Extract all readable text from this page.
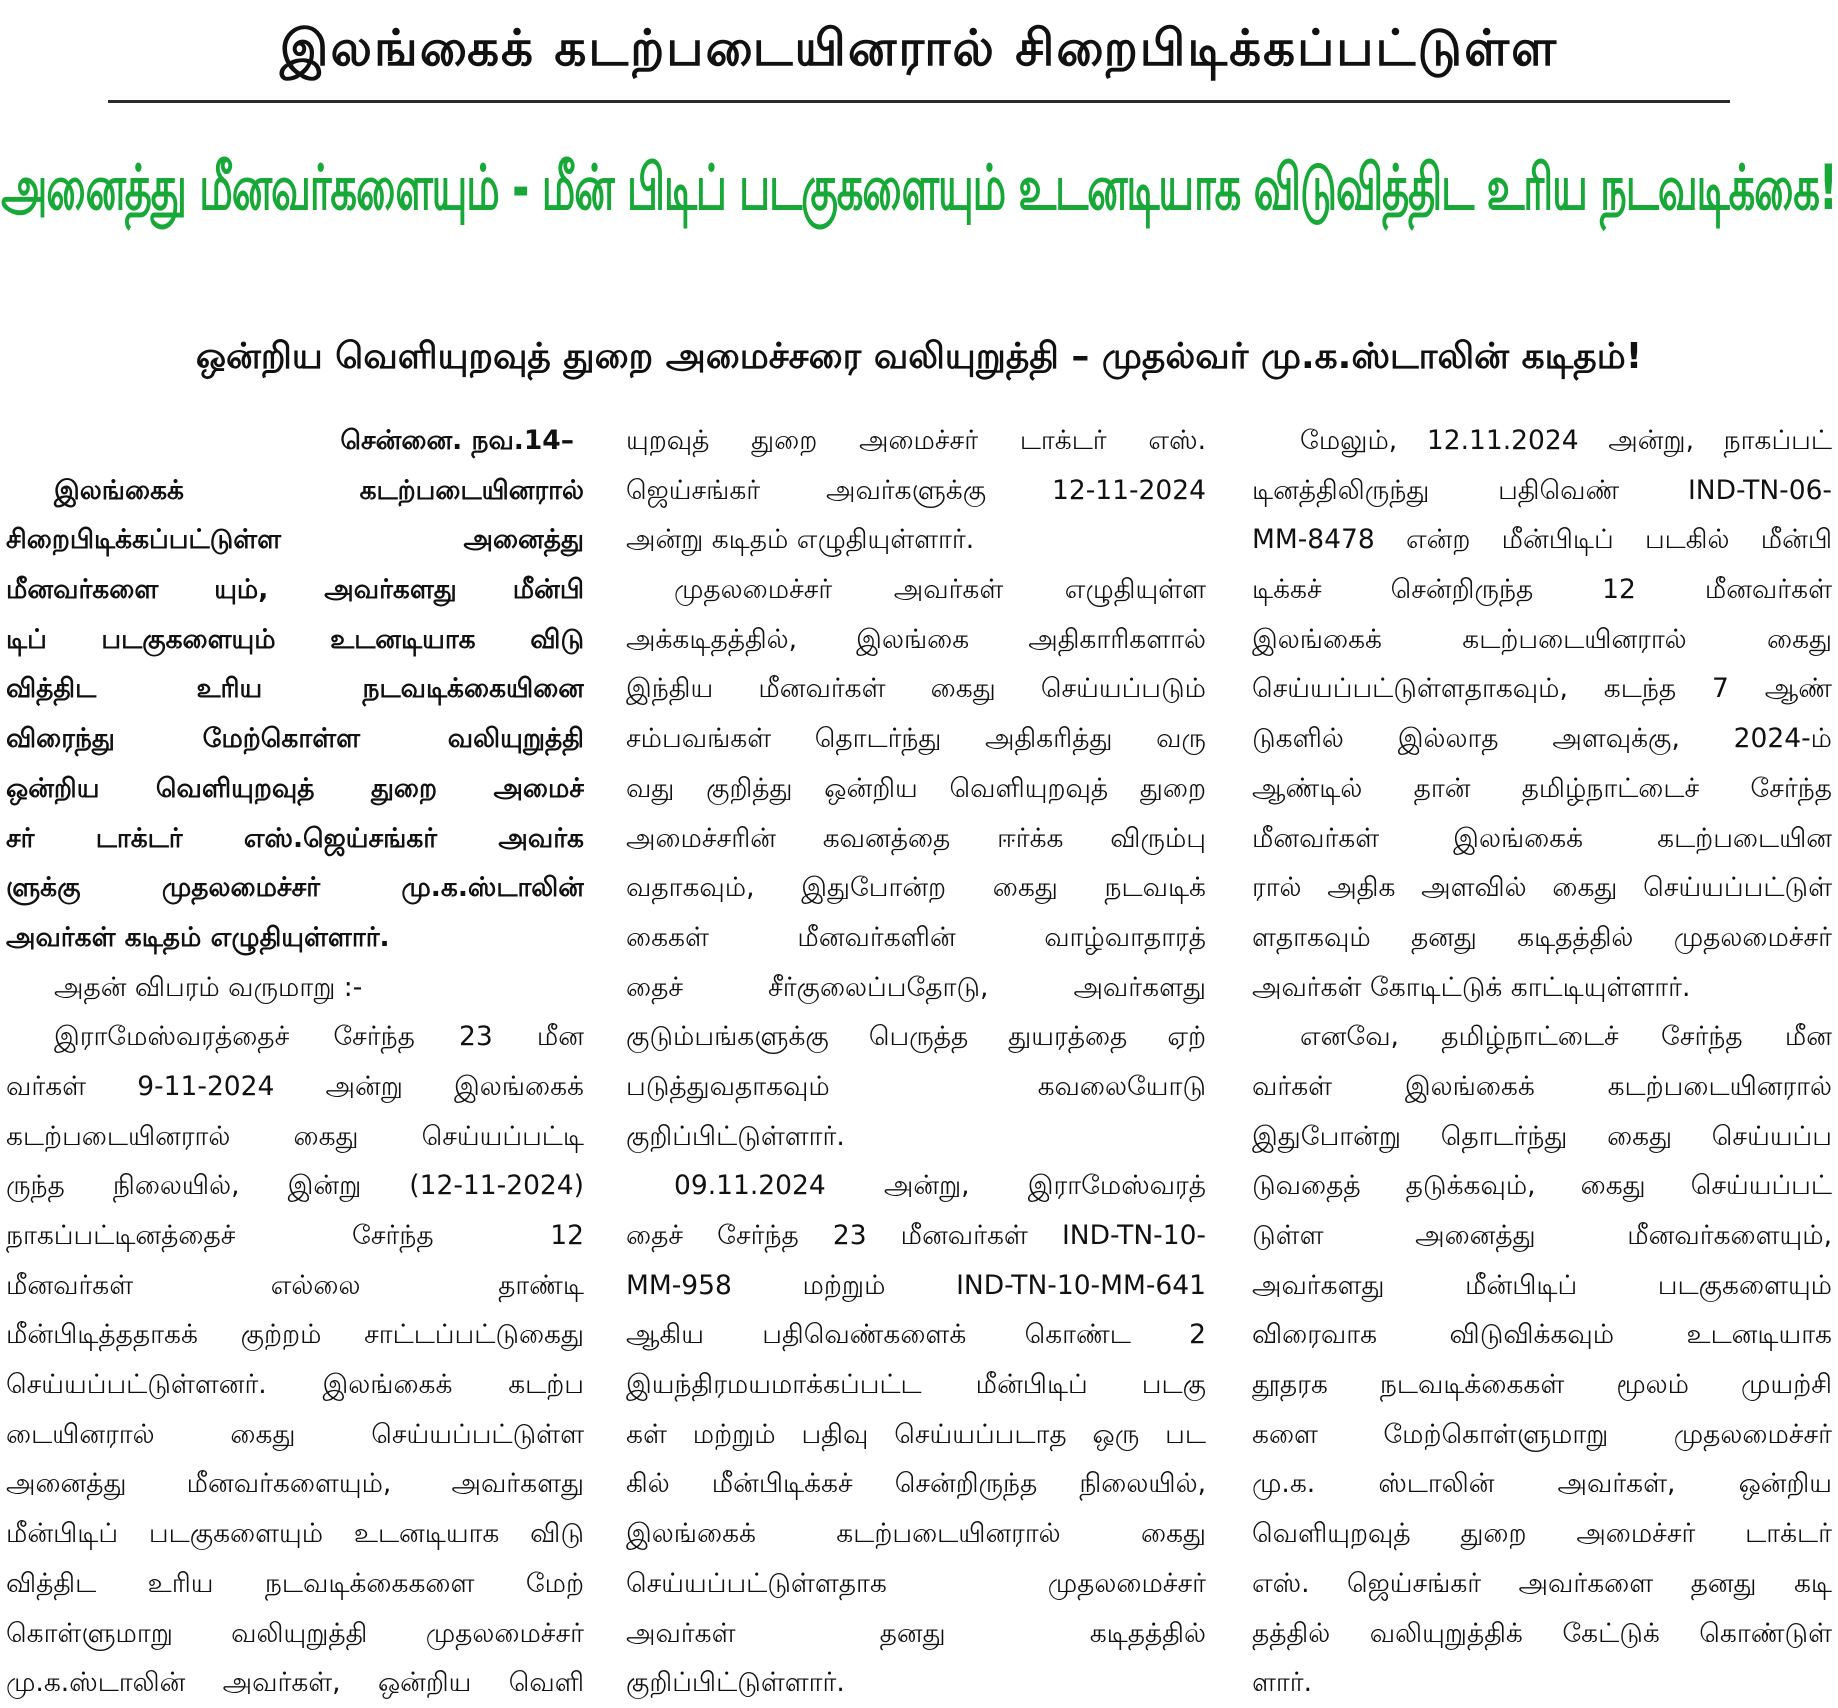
இலங்கைக் கடற்படையினரால் சிறைபிடிக்கப்பட்டுள்ள
அனைத்து மீனவர்களையும் - மீன் பிடிப் படகுகளையும் உடனடியாக விடுவித்திட உரிய நடவடிக்கை!
ஒன்றிய வெளியுறவுத் துறை அமைச்சரை வலியுறுத்தி – முதல்வர் மு.க.ஸ்டாலின் கடிதம்!
சென்னை. நவ.14–
இலங்கைக் கடற்படையினரால்
சிறைபிடிக்கப்பட்டுள்ள அனைத்து
மீனவர்களை யும், அவர்களது மீன்பி
டிப் படகுகளையும் உடனடியாக விடு
வித்திட உரிய நடவடிக்கையினை
விரைந்து மேற்கொள்ள வலியுறுத்தி
ஒன்றிய வெளியுறவுத் துறை அமைச்
சர் டாக்டர் எஸ்.ஜெய்சங்கர் அவர்க
ளுக்கு முதலமைச்சர் மு.க.ஸ்டாலின்
அவர்கள் கடிதம் எழுதியுள்ளார்.
அதன் விபரம் வருமாறு :-
இராமேஸ்வரத்தைச் சேர்ந்த 23 மீன
வர்கள் 9-11-2024 அன்று இலங்கைக்
கடற்படையினரால் கைது செய்யப்பட்டி
ருந்த நிலையில், இன்று (12-11-2024)
நாகப்பட்டினத்தைச் சேர்ந்த 12
மீனவர்கள் எல்லை தாண்டி
மீன்பிடித்ததாகக் குற்றம் சாட்டப்பட்டுகைது
செய்யப்பட்டுள்ளனர். இலங்கைக் கடற்ப
டையினரால் கைது செய்யப்பட்டுள்ள
அனைத்து மீனவர்களையும், அவர்களது
மீன்பிடிப் படகுகளையும் உடனடியாக விடு
வித்திட உரிய நடவடிக்கைகளை மேற்
கொள்ளுமாறு வலியுறுத்தி முதலமைச்சர்
மு.க.ஸ்டாலின் அவர்கள், ஒன்றிய வெளி
யுறவுத் துறை அமைச்சர் டாக்டர் எஸ்.
ஜெய்சங்கர் அவர்களுக்கு 12-11-2024
அன்று கடிதம் எழுதியுள்ளார்.
முதலமைச்சர் அவர்கள் எழுதியுள்ள
அக்கடிதத்தில், இலங்கை அதிகாரிகளால்
இந்திய மீனவர்கள் கைது செய்யப்படும்
சம்பவங்கள் தொடர்ந்து அதிகரித்து வரு
வது குறித்து ஒன்றிய வெளியுறவுத் துறை
அமைச்சரின் கவனத்தை ஈர்க்க விரும்பு
வதாகவும், இதுபோன்ற கைது நடவடிக்
கைகள் மீனவர்களின் வாழ்வாதாரத்
தைச் சீர்குலைப்பதோடு, அவர்களது
குடும்பங்களுக்கு பெருத்த துயரத்தை ஏற்
படுத்துவதாகவும் கவலையோடு
குறிப்பிட்டுள்ளார்.
09.11.2024 அன்று, இராமேஸ்வரத்
தைச் சேர்ந்த 23 மீனவர்கள் IND-TN-10-
MM-958 மற்றும் IND-TN-10-MM-641
ஆகிய பதிவெண்களைக் கொண்ட 2
இயந்திரமயமாக்கப்பட்ட மீன்பிடிப் படகு
கள் மற்றும் பதிவு செய்யப்படாத ஒரு பட
கில் மீன்பிடிக்கச் சென்றிருந்த நிலையில்,
இலங்கைக் கடற்படையினரால் கைது
செய்யப்பட்டுள்ளதாக முதலமைச்சர்
அவர்கள் தனது கடிதத்தில்
குறிப்பிட்டுள்ளார்.
மேலும், 12.11.2024 அன்று, நாகப்பட்
டினத்திலிருந்து பதிவெண் IND-TN-06-
MM-8478 என்ற மீன்பிடிப் படகில் மீன்பி
டிக்கச் சென்றிருந்த 12 மீனவர்கள்
இலங்கைக் கடற்படையினரால் கைது
செய்யப்பட்டுள்ளதாகவும், கடந்த 7 ஆண்
டுகளில் இல்லாத அளவுக்கு, 2024-ம்
ஆண்டில் தான் தமிழ்நாட்டைச் சேர்ந்த
மீனவர்கள் இலங்கைக் கடற்படையின
ரால் அதிக அளவில் கைது செய்யப்பட்டுள்
ளதாகவும் தனது கடிதத்தில் முதலமைச்சர்
அவர்கள் கோடிட்டுக் காட்டியுள்ளார்.
எனவே, தமிழ்நாட்டைச் சேர்ந்த மீன
வர்கள் இலங்கைக் கடற்படையினரால்
இதுபோன்று தொடர்ந்து கைது செய்யப்ப
டுவதைத் தடுக்கவும், கைது செய்யப்பட்
டுள்ள அனைத்து மீனவர்களையும்,
அவர்களது மீன்பிடிப் படகுகளையும்
விரைவாக விடுவிக்கவும் உடனடியாக
தூதரக நடவடிக்கைகள் மூலம் முயற்சி
களை மேற்கொள்ளுமாறு முதலமைச்சர்
மு.க. ஸ்டாலின் அவர்கள், ஒன்றிய
வெளியுறவுத் துறை அமைச்சர் டாக்டர்
எஸ். ஜெய்சங்கர் அவர்களை தனது கடி
தத்தில் வலியுறுத்திக் கேட்டுக் கொண்டுள்
ளார்.
